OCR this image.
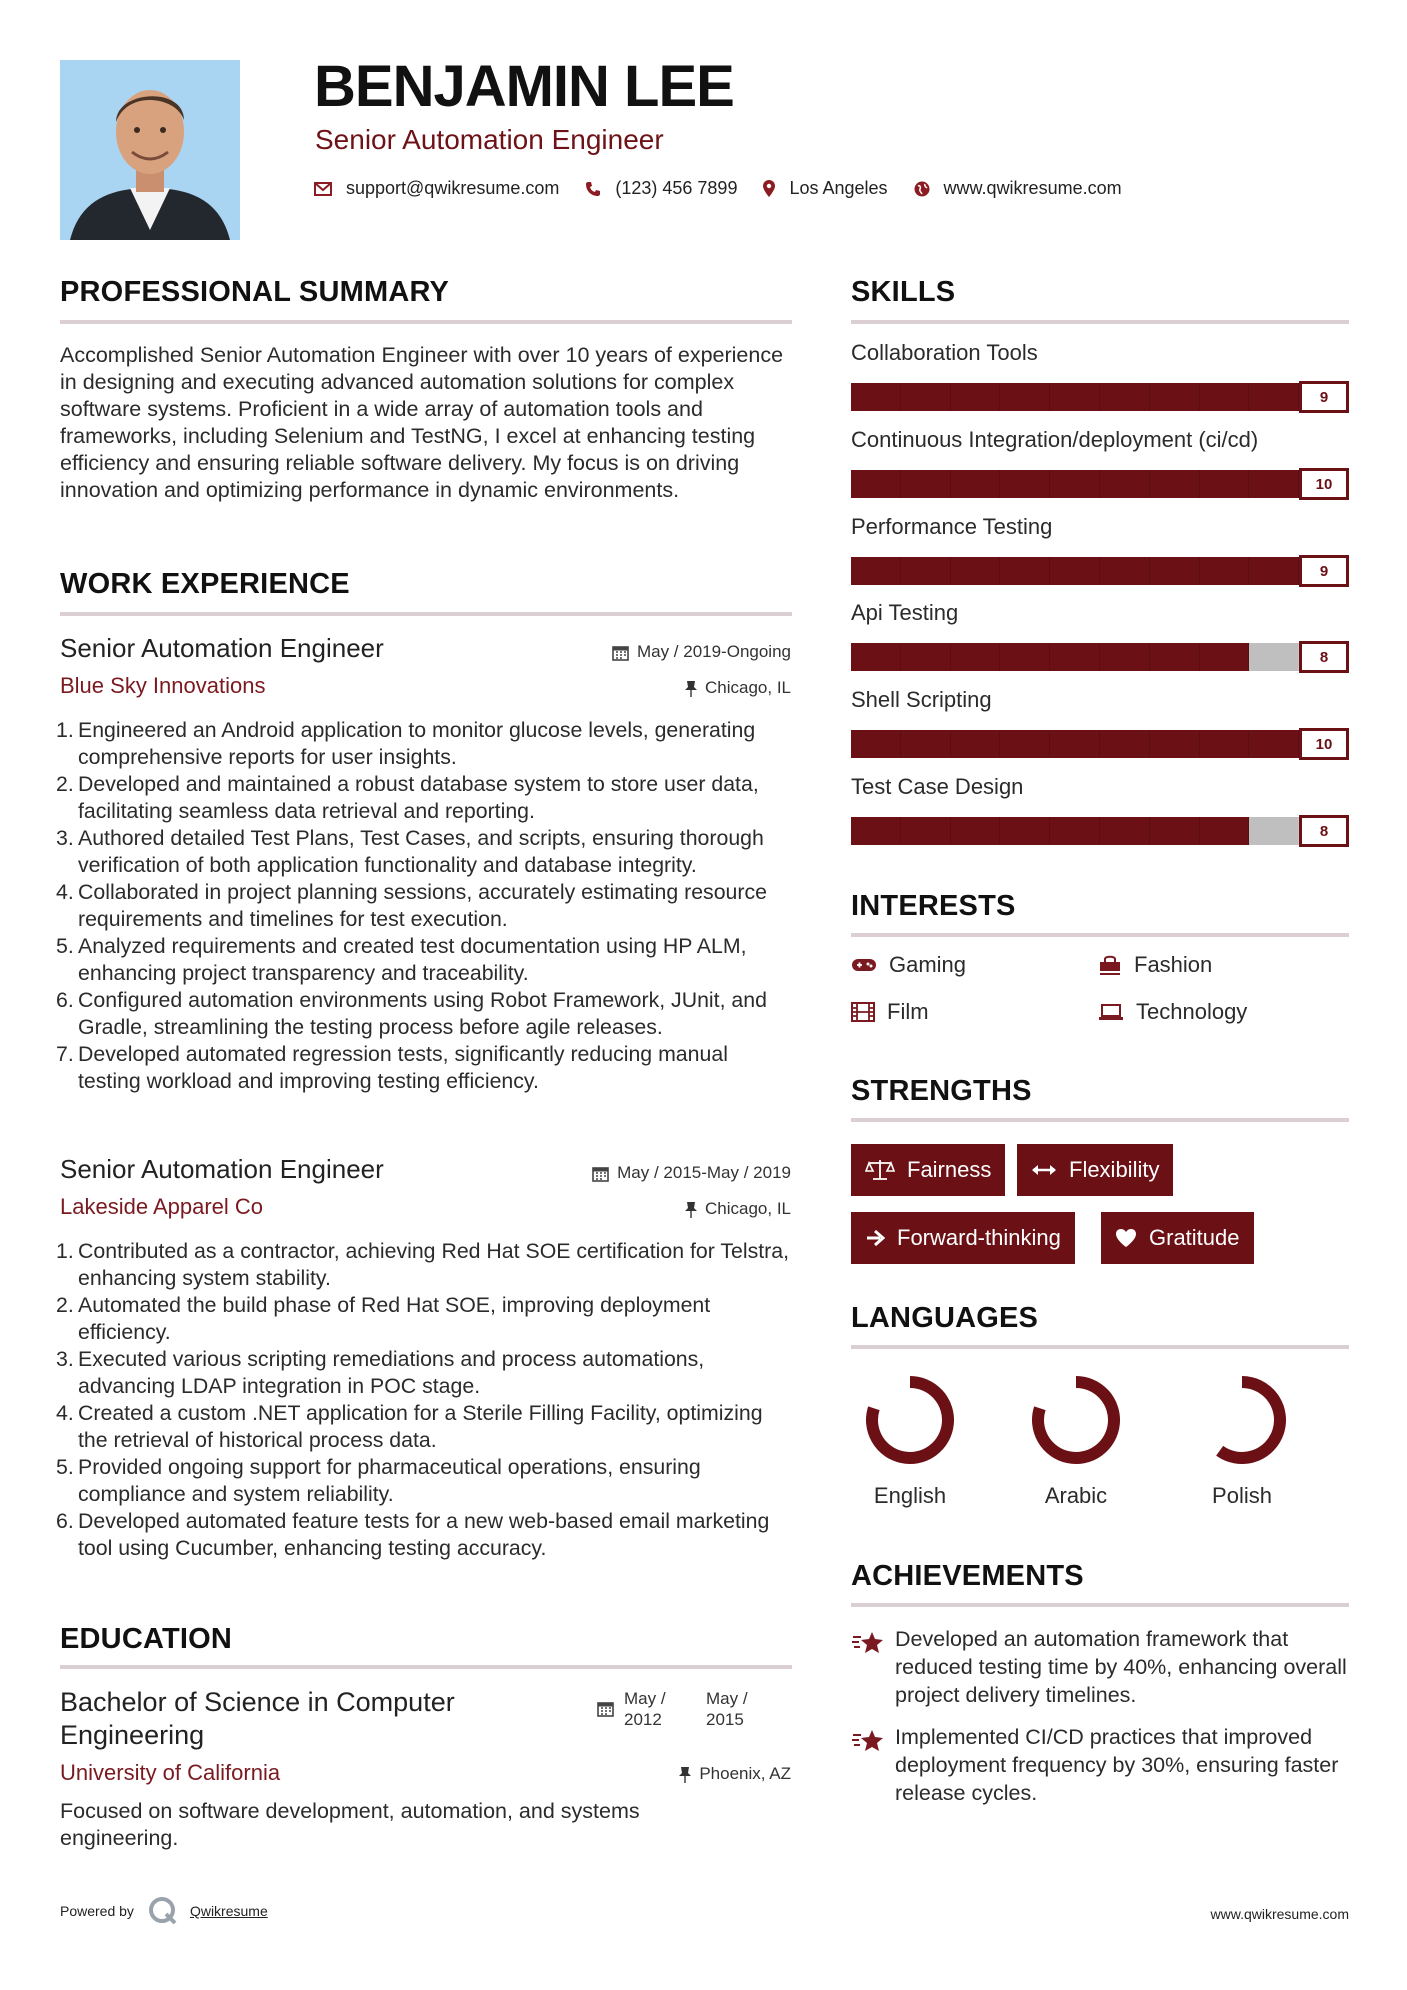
BENJAMIN LEE
Senior Automation Engineer
support@qwikresume.com	(123) 456 7899	Los Angeles	www.qwikresume.com
PROFESSIONAL SUMMARY
Accomplished Senior Automation Engineer with over 10 years of experience in designing and executing advanced automation solutions for complex software systems. Proficient in a wide array of automation tools and frameworks, including Selenium and TestNG, I excel at enhancing testing efficiency and ensuring reliable software delivery. My focus is on driving innovation and optimizing performance in dynamic environments.
WORK EXPERIENCE
Senior Automation Engineer	May / 2019-Ongoing
Blue Sky Innovations	Chicago, IL
Engineered an Android application to monitor glucose levels, generating comprehensive reports for user insights.
Developed and maintained a robust database system to store user data, facilitating seamless data retrieval and reporting.
Authored detailed Test Plans, Test Cases, and scripts, ensuring thorough verification of both application functionality and database integrity.
Collaborated in project planning sessions, accurately estimating resource requirements and timelines for test execution.
Analyzed requirements and created test documentation using HP ALM, enhancing project transparency and traceability.
Configured automation environments using Robot Framework, JUnit, and Gradle, streamlining the testing process before agile releases.
Developed automated regression tests, significantly reducing manual testing workload and improving testing efficiency.
Senior Automation Engineer	May / 2015-May / 2019
Lakeside Apparel Co	Chicago, IL
Contributed as a contractor, achieving Red Hat SOE certification for Telstra, enhancing system stability.
Automated the build phase of Red Hat SOE, improving deployment efficiency.
Executed various scripting remediations and process automations, advancing LDAP integration in POC stage.
Created a custom .NET application for a Sterile Filling Facility, optimizing the retrieval of historical process data.
Provided ongoing support for pharmaceutical operations, ensuring compliance and system reliability.
Developed automated feature tests for a new web-based email marketing tool using Cucumber, enhancing testing accuracy.
EDUCATION
Bachelor of Science in Computer Engineering
May /
2012
May /
2015
University of California	Phoenix, AZ
Focused on software development, automation, and systems engineering.
SKILLS
Collaboration Tools
9
Continuous Integration/deployment (ci/cd)
10
Performance Testing
9
Api Testing
8
Shell Scripting
10
Test Case Design
8
INTERESTS
Gaming	Fashion
Film	Technology
STRENGTHS
Fairness	Flexibility
Forward-thinking	Gratitude
LANGUAGES
English	Arabic	Polish
ACHIEVEMENTS
Developed an automation framework that reduced testing time by 40%, enhancing overall project delivery timelines.
Implemented CI/CD practices that improved deployment frequency by 30%, ensuring faster release cycles.
Powered by	Qwikresume	www.qwikresume.com
